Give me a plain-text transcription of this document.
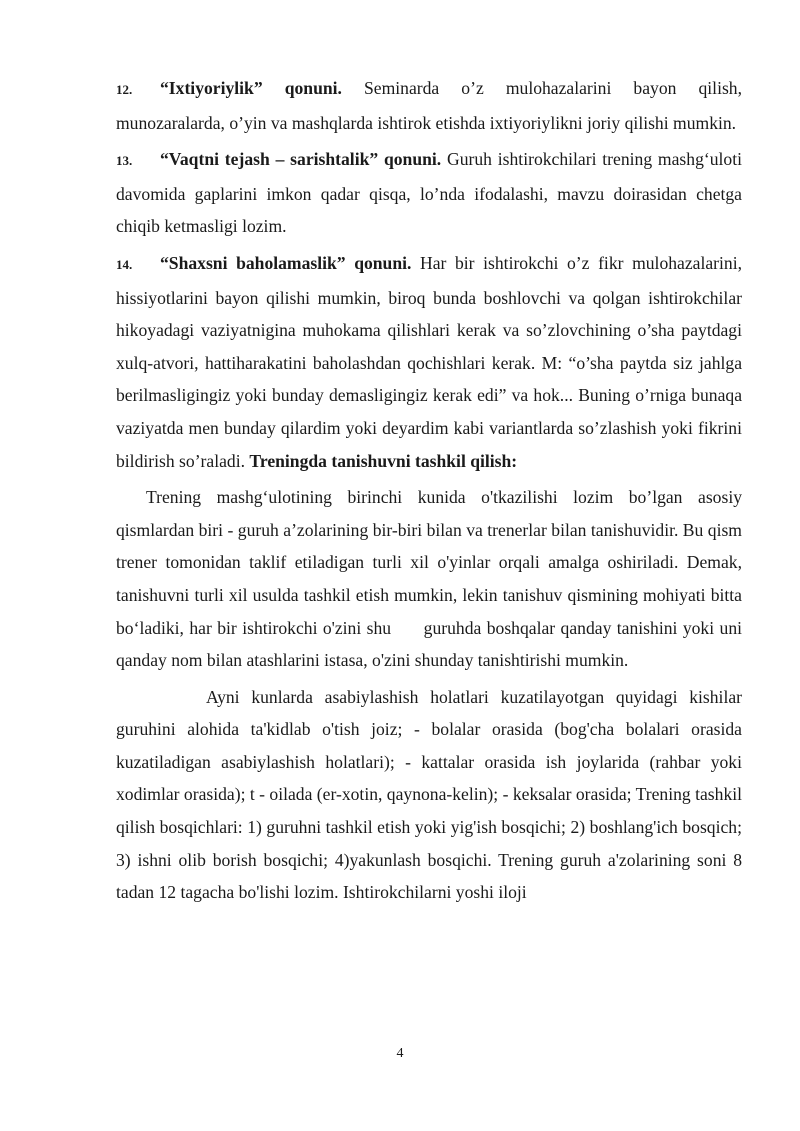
12. “Ixtiyoriylik” qonuni. Seminarda o’z mulohazalarini bayon qilish, munozaralarda, o’yin va mashqlarda ishtirok etishda ixtiyoriylikni joriy qilishi mumkin.

13. “Vaqtni tejash – sarishtalik” qonuni. Guruh ishtirokchilari trening mashg‘uloti davomida gaplarini imkon qadar qisqa, lo’nda ifodalashi, mavzu doirasidan chetga chiqib ketmasligi lozim.

14. “Shaxsni baholamaslik” qonuni. Har bir ishtirokchi o’z fikr mulohazalarini, hissiyotlarini bayon qilishi mumkin, biroq bunda boshlovchi va qolgan ishtirokchilar hikoyadagi vaziyatnigina muhokama qilishlari kerak va so’zlovchining o’sha paytdagi xulq-atvori, hattiharakatini baholashdan qochishlari kerak. M: “o’sha paytda siz jahlga berilmasligingiz yoki bunday demasligingiz kerak edi” va hok... Buning o’rniga bunaqa vaziyatda men bunday qilardim yoki deyardim kabi variantlarda so’zlashish yoki fikrini bildirish so’raladi. Treningda tanishuvni tashkil qilish:

Trening mashg‘ulotining birinchi kunida o'tkazilishi lozim bo’lgan asosiy qismlardan biri - guruh a’zolarining bir-biri bilan va trenerlar bilan tanishuvidir. Bu qism trener tomonidan taklif etiladigan turli xil o'yinlar orqali amalga oshiriladi. Demak, tanishuvni turli xil usulda tashkil etish mumkin, lekin tanishuv qismining mohiyati bitta bo‘ladiki, har bir ishtirokchi o'zini shu      guruhda boshqalar qanday tanishini yoki uni qanday nom bilan atashlarini istasa, o'zini shunday tanishtirishi mumkin.

Ayni kunlarda asabiylashish holatlari kuzatilayotgan quyidagi kishilar guruhini alohida ta'kidlab o'tish joiz; - bolalar orasida (bog'cha bolalari orasida kuzatiladigan asabiylashish holatlari); - kattalar orasida ish joylarida (rahbar yoki xodimlar orasida); t - oilada (er-xotin, qaynona-kelin); - keksalar orasida; Trening tashkil qilish bosqichlari: 1) guruhni tashkil etish yoki yig'ish bosqichi; 2) boshlang'ich bosqich; 3) ishni olib borish bosqichi; 4)yakunlash bosqichi. Trening guruh a'zolarining soni 8 tadan 12 tagacha bo'lishi lozim. Ishtirokchilarni yoshi iloji

4
